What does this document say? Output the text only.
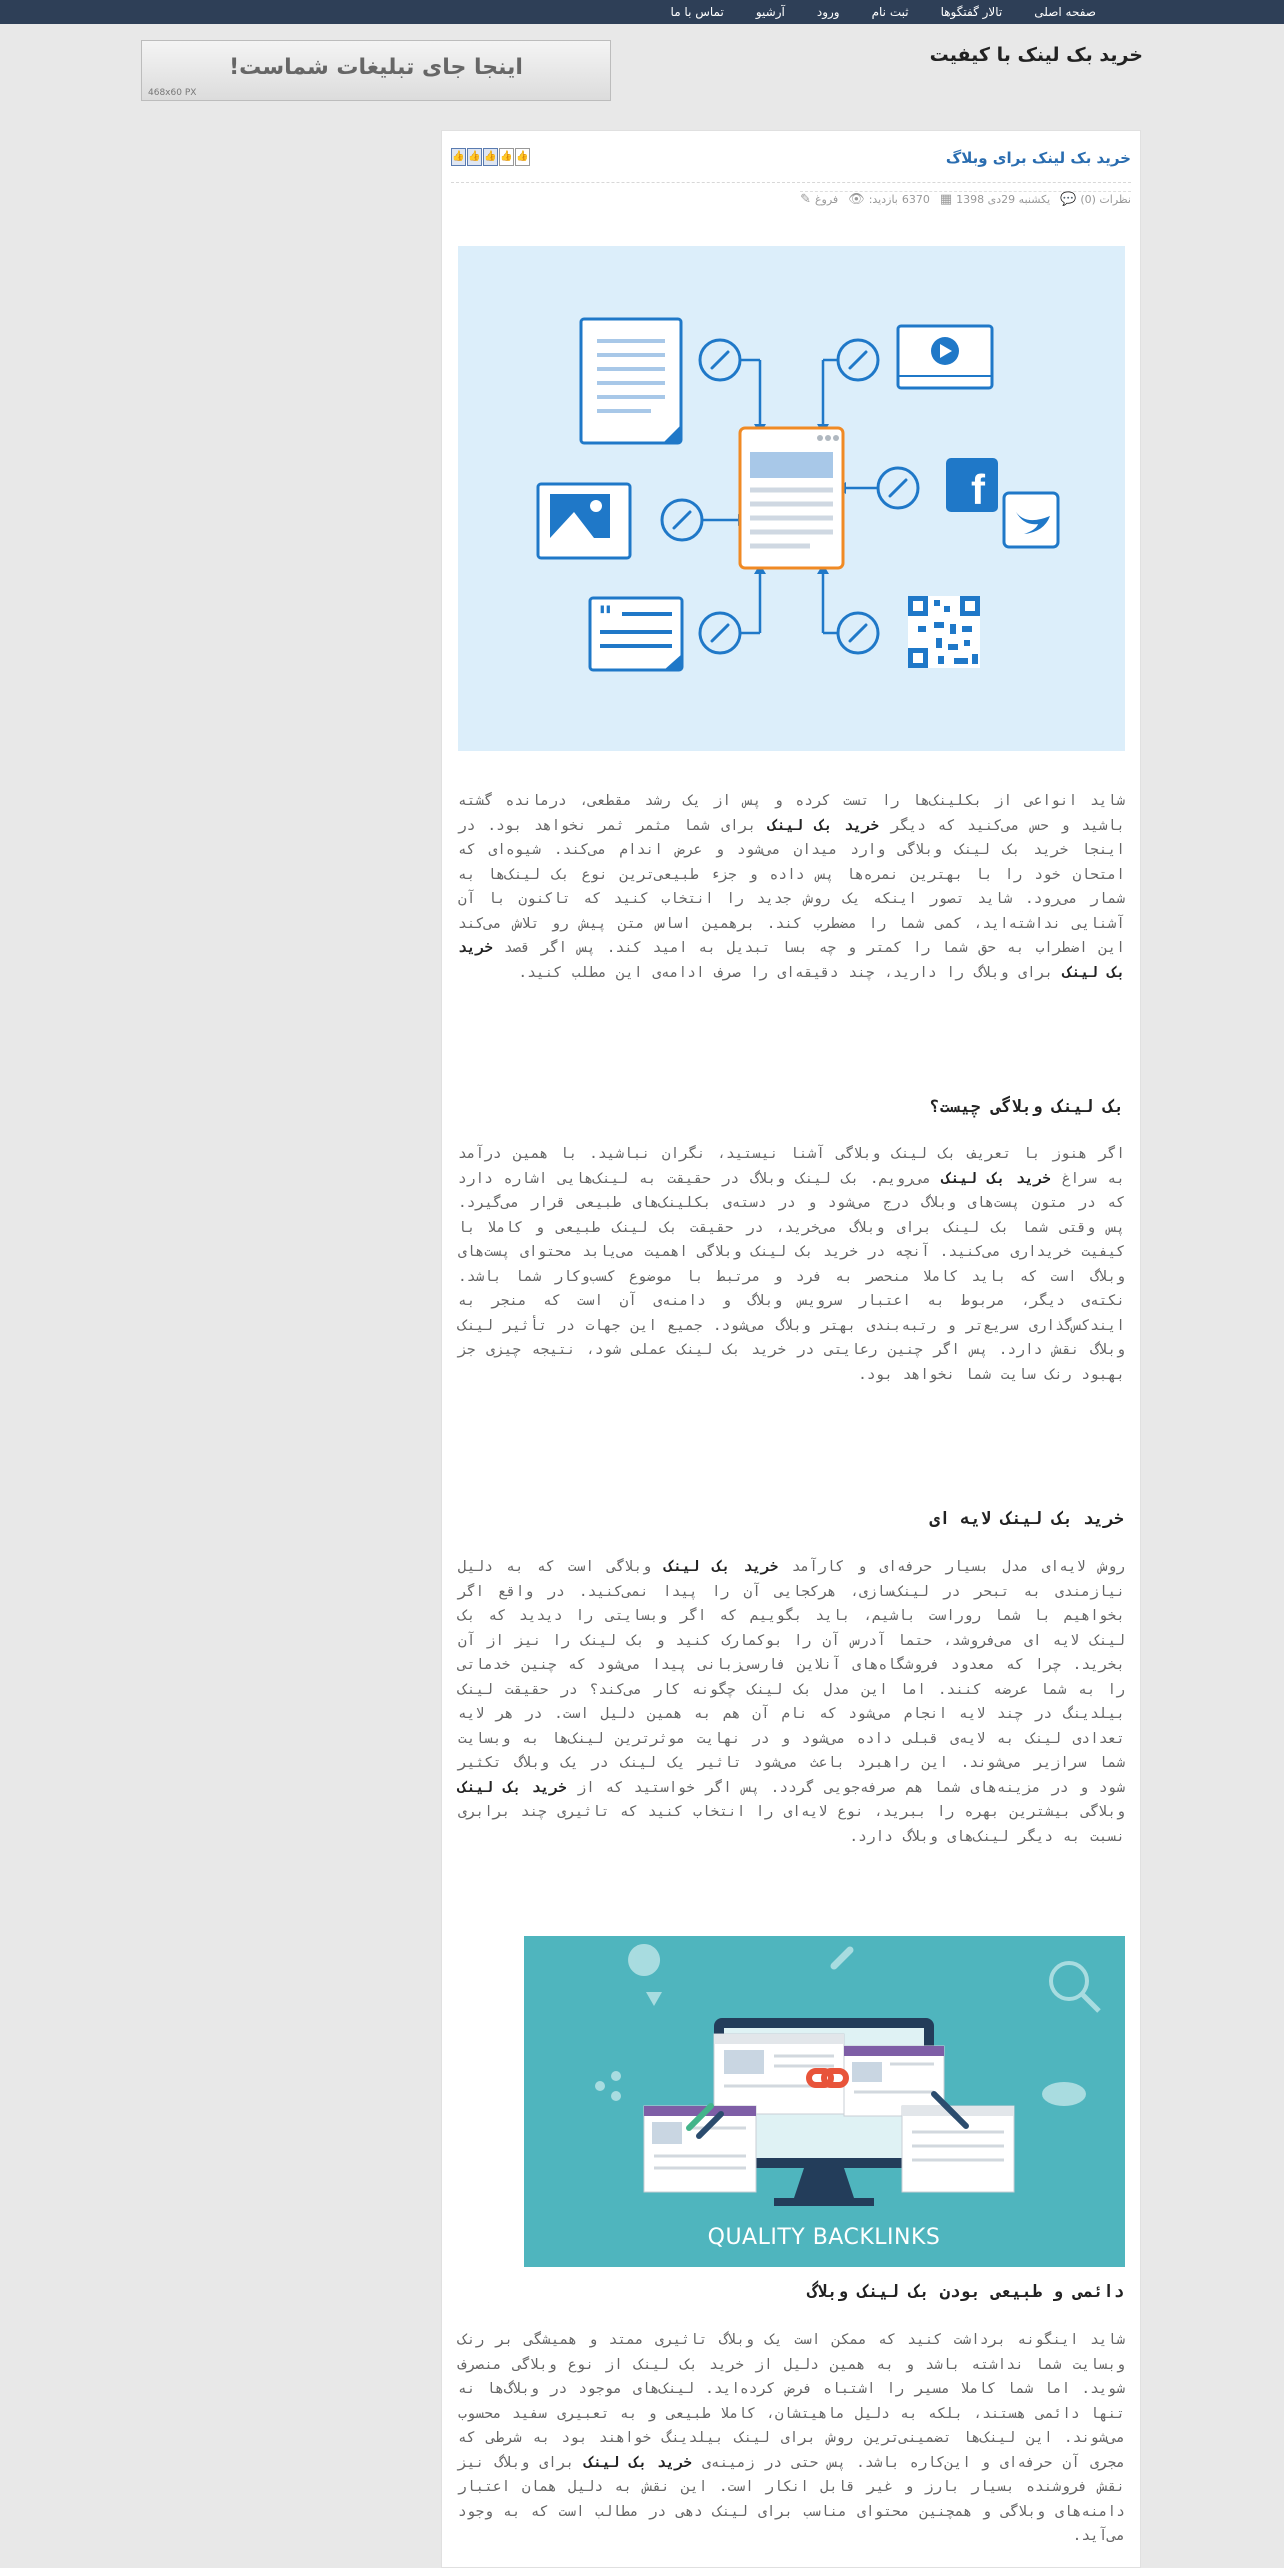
صفحه اصلی
تالار گفتگوها
ثبت نام
ورود
آرشیو
تماس با ما
خرید بک لینک با کیفیت
اینجا جای تبلیغات شماست!
468x60 PX
خرید بک لینک برای وبلاگ
👍 👍 👍 👍 👍
✎ فروغ 👁 بازدید: 6370 ▦ یکشنبه 29دی 1398 💬 نظرات (0)
f
"

شاید انواعی از بکلینک‌ها را تست کرده و پس از یک رشد مقطعی، درمانده گشته باشید و حس می‌کنید که دیگر خرید بک لینک برای شما مثمر ثمر نخواهد بود. در اینجا خرید بک لینک وبلاگی وارد میدان می‌شود و عرض اندام می‌کند. شیوه‌ای که امتحان خود را با بهترین نمره‌ها پس داده و جزء طبیعی‌ترین نوع بک لینک‌ها به شمار می‌رود. شاید تصور اینکه یک روش جدید را انتخاب کنید که تاکنون با آن آشنایی نداشته‌اید، کمی شما را مضطرب کند. برهمین اساس متن پیش رو تلاش می‌کند این اضطراب به حق شما را کمتر و چه بسا تبدیل به امید کند. پس اگر قصد خرید بک لینک برای وبلاگ را دارید، چند دقیقه‌ای را صرف ادامه‌ی این مطلب کنید.

بک لینک وبلاگی چیست؟

اگر هنوز با تعریف بک لینک وبلاگی آشنا نیستید، نگران نباشید. با همین درآمد به سراغ خرید بک لینک می‌رویم. بک لینک وبلاگ در حقیقت به لینک‌هایی اشاره دارد که در متون پست‌های وبلاگ درج می‌شود و در دسته‌ی بکلینک‌های طبیعی قرار می‌گیرد. پس وقتی شما بک لینک برای وبلاگ می‌خرید، در حقیقت بک لینک طبیعی و کاملا با کیفیت خریداری می‌کنید. آنچه در خرید بک لینک وبلاگی اهمیت می‌یابد محتوای پست‌های وبلاگ است که باید کاملا منحصر به فرد و مرتبط با موضوع کسب‌وکار شما باشد. نکته‌ی دیگر، مربوط به اعتبار سرویس وبلاگ و دامنه‌ی آن است که منجر به ایندکس‌گذاری سریع‌تر و رتبه‌بندی بهتر وبلاگ می‌شود. جمیع این جهات در تأثیر لینک وبلاگ نقش دارد. پس اگر چنین رعایتی در خرید بک لینک عملی شود، نتیجه چیزی جز بهبود رنک سایت شما نخواهد بود.

خرید بک لینک لایه ای

روش لایه‌ای مدل بسیار حرفه‌ای و کارآمد خرید بک لینک وبلاگی است که به دلیل نیازمندی به تبحر در لینک‌سازی، هرکجایی آن را پیدا نمی‌کنید. در واقع اگر بخواهیم با شما روراست باشیم، باید بگوییم که اگر وبسایتی را دیدید که بک لینک لایه ای می‌فروشد، حتما آدرس آن را بوکمارک کنید و بک لینک را نیز از آن بخرید. چرا که معدود فروشگاه‌های آنلاین فارسی‌زبانی پیدا می‌شود که چنین خدماتی را به شما عرضه کنند. اما این مدل بک لینک چگونه کار می‌کند؟ در حقیقت لینک بیلدینگ در چند لایه انجام می‌شود که نام آن هم به همین دلیل است. در هر لایه تعدادی لینک به لایه‌ی قبلی داده می‌شود و در نهایت موثرترین لینک‌ها به وبسایت شما سرازیر می‌شوند. این راهبرد باعث می‌شود تاثیر یک لینک در یک وبلاگ تکثیر شود و در مزینه‌های شما هم صرفه‌جویی گردد. پس اگر خواستید که از خرید بک لینک وبلاگی بیشترین بهره را ببرید، نوع لایه‌ای را انتخاب کنید که تاثیری چند برابری نسبت به دیگر لینک‌های وبلاگ دارد.

QUALITY BACKLINKS
دائمی و طبیعی بودن بک لینک وبلاگ

شاید اینگونه برداشت کنید که ممکن است یک وبلاگ تاثیری ممتد و همیشگی بر رنک وبسایت شما نداشته باشد و به همین دلیل از خرید بک لینک از نوع وبلاگی منصرف شوید. اما شما کاملا مسیر را اشتباه فرض کرده‌اید. لینک‌های موجود در وبلاگ‌ها نه تنها دائمی هستند، بلکه به دلیل ماهیتشان، کاملا طبیعی و به تعبیری سفید محسوب می‌شوند. این لینک‌ها تضمینی‌ترین روش برای لینک بیلدینگ خواهند بود به شرطی که مجری آن حرفه‌ای و این‌کاره باشد. پس حتی در زمینه‌ی خرید بک لینک برای وبلاگ نیز نقش فروشنده بسیار بارز و غیر قابل انکار است. این نقش به دلیل همان اعتبار دامنه‌های وبلاگی و همچنین محتوای مناسب برای لینک دهی در مطالب است که به وجود می‌آید.
